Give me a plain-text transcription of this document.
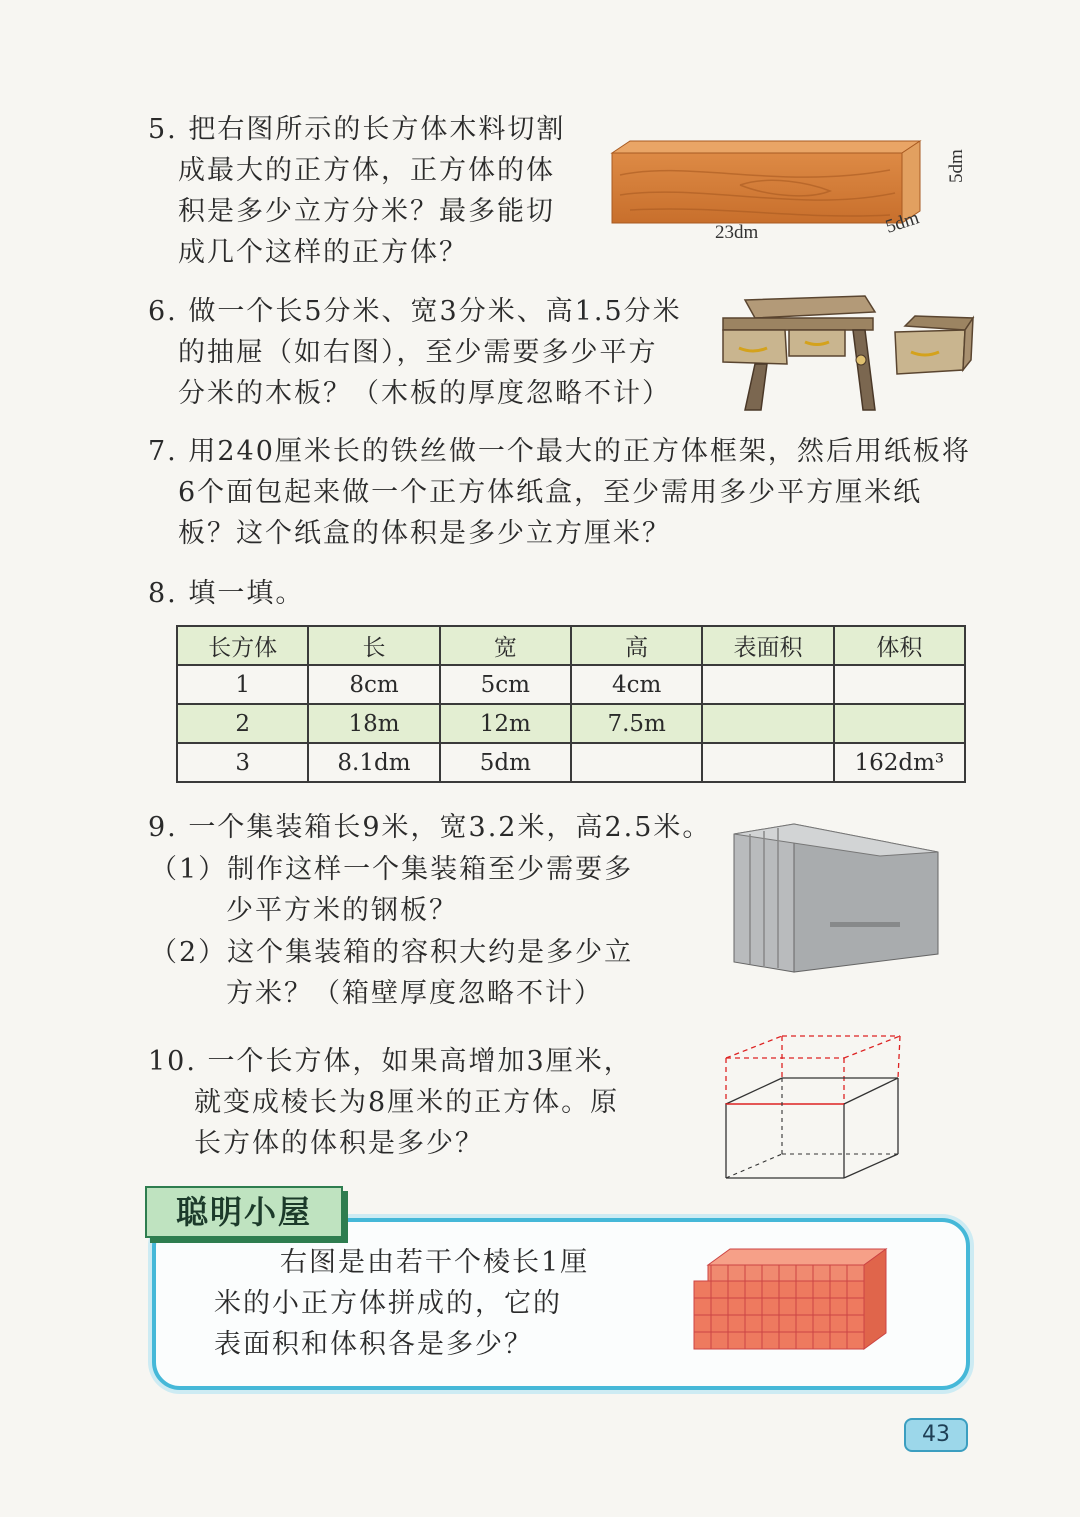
5. 把右图所示的长方体木料切割
成最大的正方体，正方体的体
积是多少立方分米？最多能切
成几个这样的正方体？
23dm	5dm
5dm
6. 做一个长5分米、宽3分米、高1.5分米
的抽屉（如右图），至少需要多少平方
分米的木板？（木板的厚度忽略不计）
7. 用240厘米长的铁丝做一个最大的正方体框架，然后用纸板将
6个面包起来做一个正方体纸盒，至少需用多少平方厘米纸
板？这个纸盒的体积是多少立方厘米？
8. 填一填。
长方体	长	宽	高	表面积	体积
1	8cm	5cm	4cm		
2	18m	12m	7.5m		
3	8.1dm	5dm			162dm³
9. 一个集装箱长9米，宽3.2米，高2.5米。
（1）制作这样一个集装箱至少需要多
少平方米的钢板？
（2）这个集装箱的容积大约是多少立
方米？（箱壁厚度忽略不计）
10. 一个长方体，如果高增加3厘米，
就变成棱长为8厘米的正方体。原
长方体的体积是多少？
聪明小屋
右图是由若干个棱长1厘
米的小正方体拼成的，它的
表面积和体积各是多少？
43
